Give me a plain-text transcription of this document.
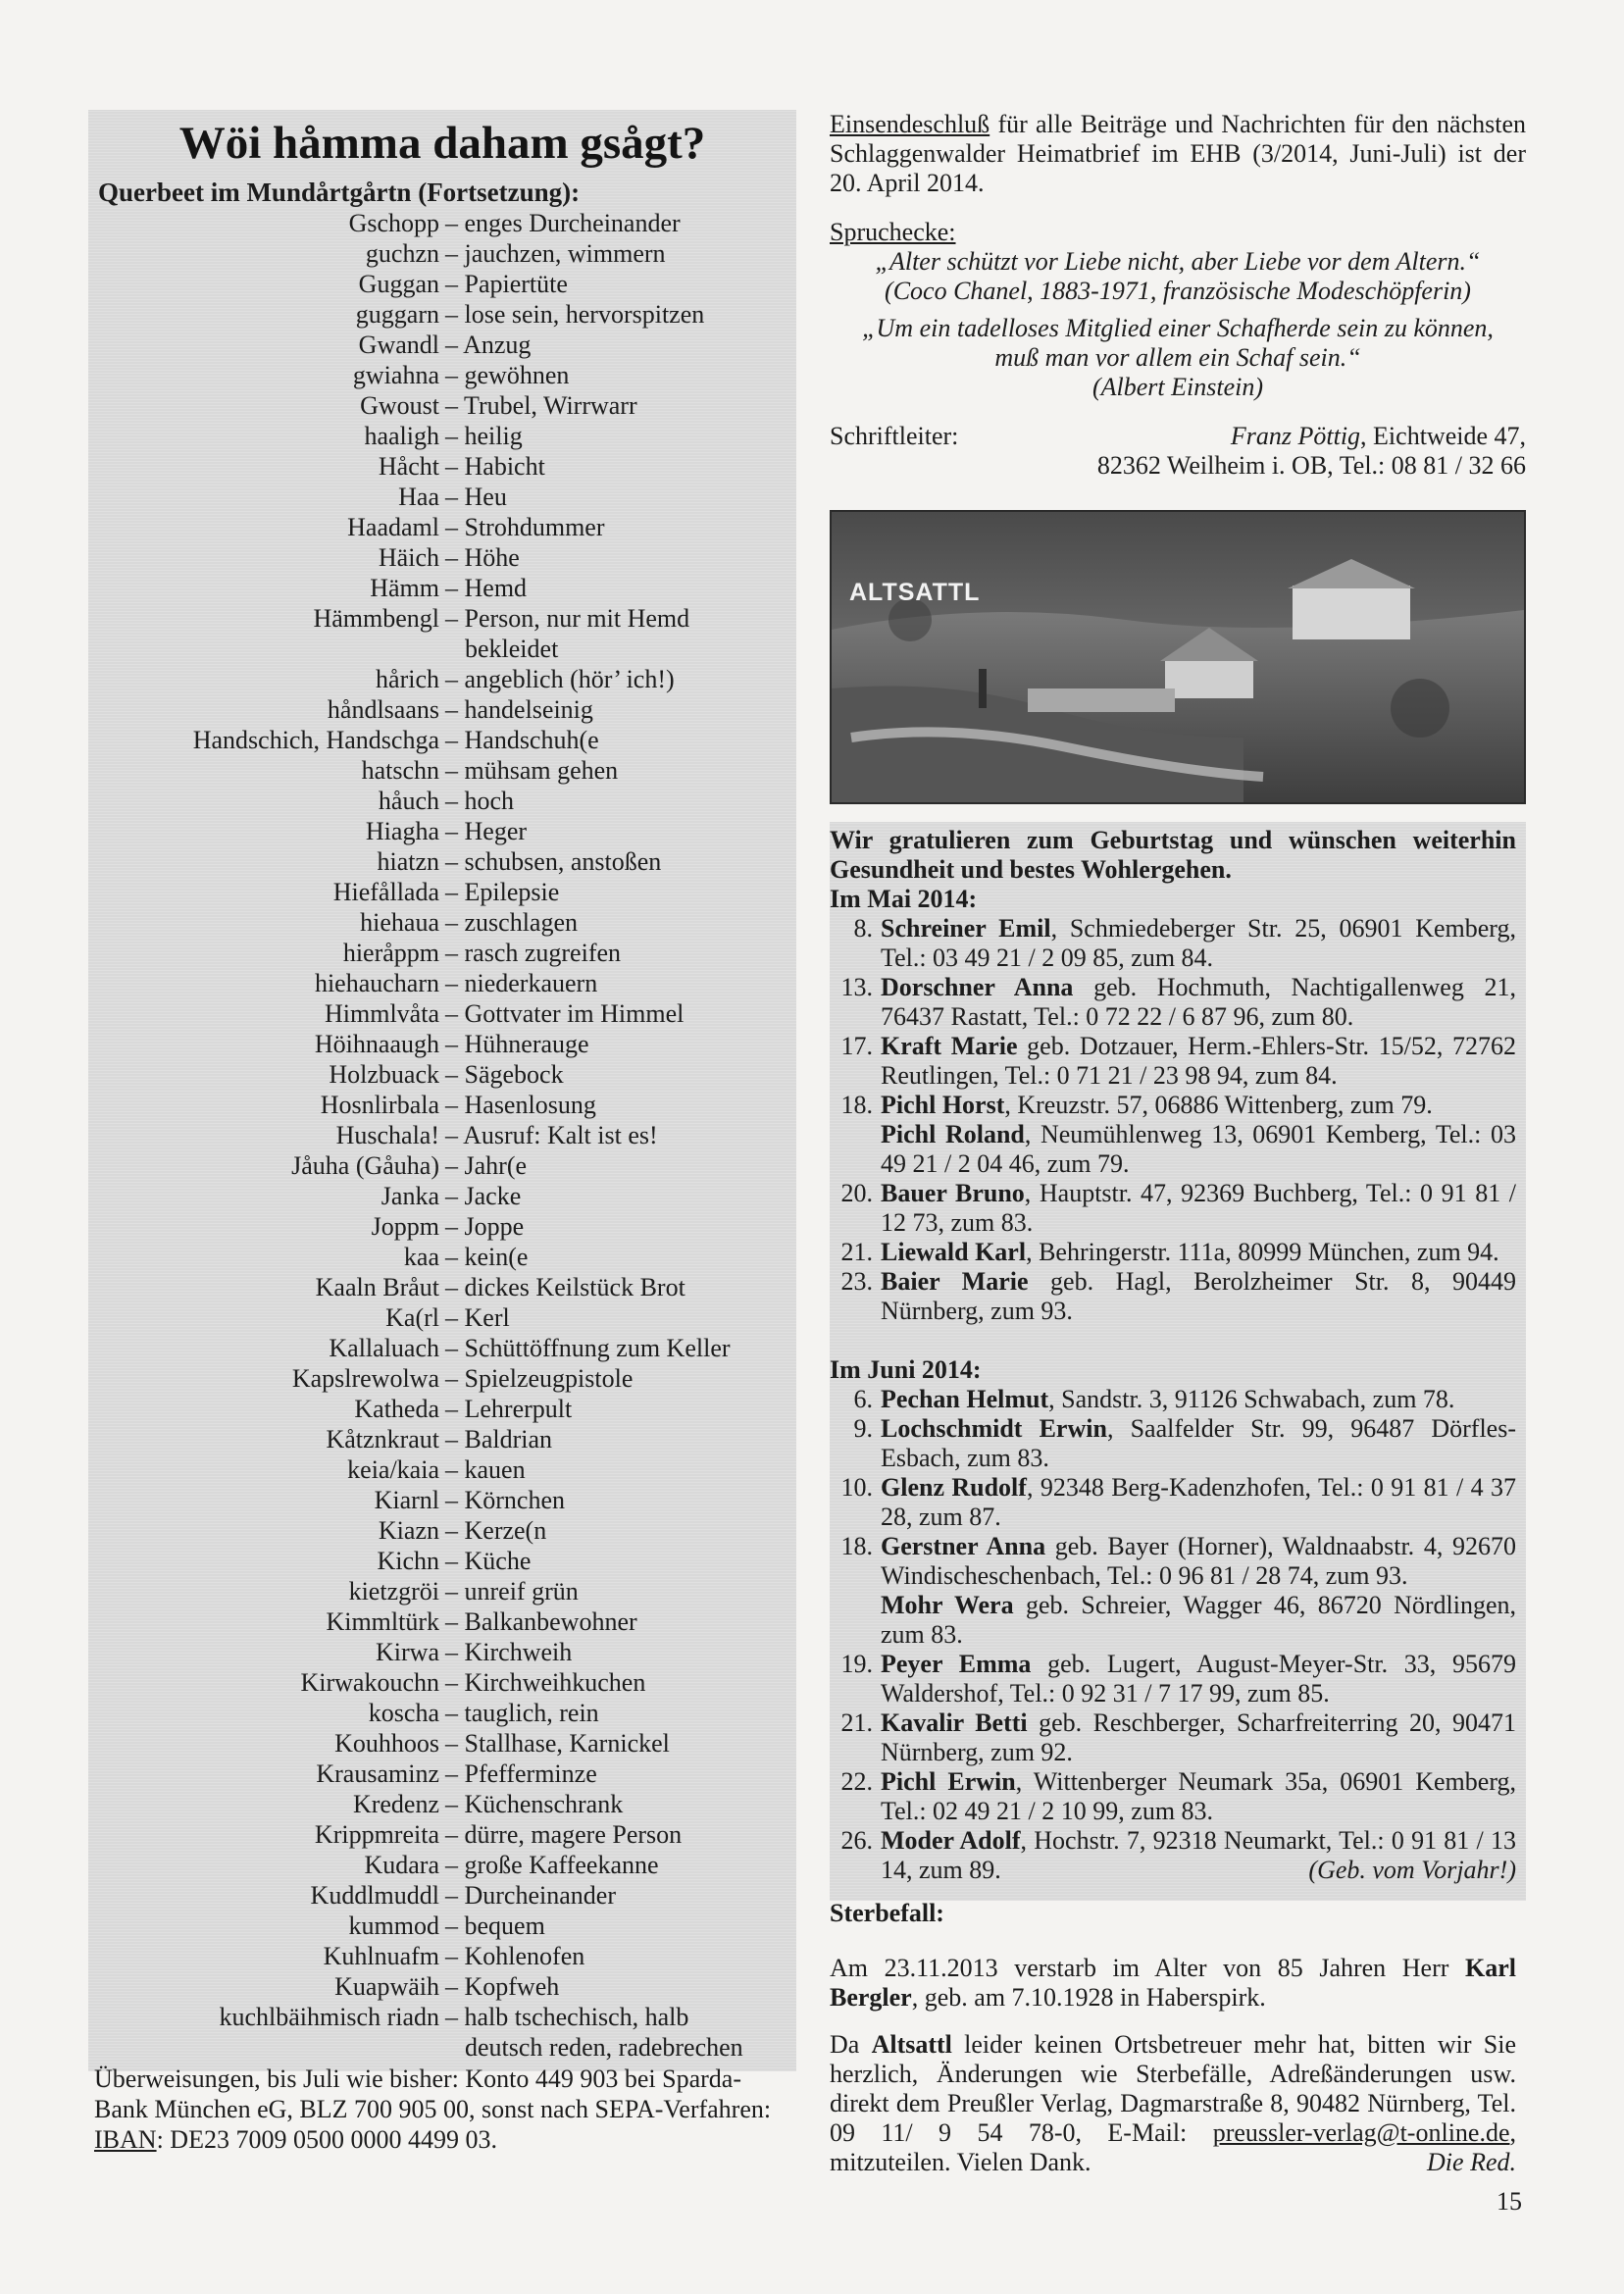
Wöi håmma daham gsågt?
Querbeet im Mundårtgårtn (Fortsetzung):
Gschopp – enges Durcheinander
guchzn – jauchzen, wimmern
Guggan – Papiertüte
guggarn – lose sein, hervorspitzen
Gwandl – Anzug
gwiahna – gewöhnen
Gwoust – Trubel, Wirrwarr
haaligh – heilig
Håcht – Habicht
Haa – Heu
Haadaml – Strohdummer
Häich – Höhe
Hämm – Hemd
Hämmbengl – Person, nur mit Hemd
bekleidet
hårich – angeblich (hör’ ich!)
håndlsaans – handelseinig
Handschich, Handschga – Handschuh(e
hatschn – mühsam gehen
håuch – hoch
Hiagha – Heger
hiatzn – schubsen, anstoßen
Hiefållada – Epilepsie
hiehaua – zuschlagen
hieråppm – rasch zugreifen
hiehaucharn – niederkauern
Himmlvåta – Gottvater im Himmel
Höihnaaugh – Hühnerauge
Holzbuack – Sägebock
Hosnlirbala – Hasenlosung
Huschala! – Ausruf: Kalt ist es!
Jåuha (Gåuha) – Jahr(e
Janka – Jacke
Joppm – Joppe
kaa – kein(e
Kaaln Bråut – dickes Keilstück Brot
Ka(rl – Kerl
Kallaluach – Schüttöffnung zum Keller
Kapslrewolwa – Spielzeugpistole
Katheda – Lehrerpult
Kåtznkraut – Baldrian
keia/kaia – kauen
Kiarnl – Körnchen
Kiazn – Kerze(n
Kichn – Küche
kietzgröi – unreif grün
Kimmltürk – Balkanbewohner
Kirwa – Kirchweih
Kirwakouchn – Kirchweihkuchen
koscha – tauglich, rein
Kouhhoos – Stallhase, Karnickel
Krausaminz – Pfefferminze
Kredenz – Küchenschrank
Krippmreita – dürre, magere Person
Kudara – große Kaffeekanne
Kuddlmuddl – Durcheinander
kummod – bequem
Kuhlnuafm – Kohlenofen
Kuapwäih – Kopfweh
kuchlbäihmisch riadn – halb tschechisch, halb
deutsch reden, radebrechen

Überweisungen, bis Juli wie bisher: Konto 449 903 bei Sparda-

Bank München eG, BLZ 700 905 00, sonst nach SEPA-Verfahren:

IBAN: DE23 7009 0500 0000 4499 03.

Einsendeschluß für alle Beiträge und Nachrichten für den nächsten Schlaggenwalder Heimatbrief im EHB (3/2014, Juni-Juli) ist der 20. April 2014.

Spruchecke:

„Alter schützt vor Liebe nicht, aber Liebe vor dem Altern.“

(Coco Chanel, 1883-1971, französische Modeschöpferin)

„Um ein tadelloses Mitglied einer Schafherde sein zu können,

muß man vor allem ein Schaf sein.“

(Albert Einstein)

Schriftleiter:	Franz Pöttig, Eichtweide 47,
82362 Weilheim i. OB, Tel.: 08 81 / 32 66
ALTSATTL

Wir gratulieren zum Geburtstag und wünschen weiterhin Gesundheit und bestes Wohlergehen.

Im Mai 2014:

8. Schreiner Emil, Schmiedeberger Str. 25, 06901 Kemberg, Tel.: 03 49 21 / 2 09 85, zum 84.
13. Dorschner Anna geb. Hochmuth, Nachtigallenweg 21, 76437 Rastatt, Tel.: 0 72 22 / 6 87 96, zum 80.
17. Kraft Marie geb. Dotzauer, Herm.-Ehlers-Str. 15/52, 72762 Reutlingen, Tel.: 0 71 21 / 23 98 94, zum 84.
18. Pichl Horst, Kreuzstr. 57, 06886 Wittenberg, zum 79.
Pichl Roland, Neumühlenweg 13, 06901 Kemberg, Tel.: 03 49 21 / 2 04 46, zum 79.
20. Bauer Bruno, Hauptstr. 47, 92369 Buchberg, Tel.: 0 91 81 / 12 73, zum 83.
21. Liewald Karl, Behringerstr. 111a, 80999 München, zum 94.
23. Baier Marie geb. Hagl, Berolzheimer Str. 8, 90449 Nürnberg, zum 93.

Im Juni 2014:

6. Pechan Helmut, Sandstr. 3, 91126 Schwabach, zum 78.
9. Lochschmidt Erwin, Saalfelder Str. 99, 96487 Dörfles-Esbach, zum 83.
10. Glenz Rudolf, 92348 Berg-Kadenzhofen, Tel.: 0 91 81 / 4 37 28, zum 87.
18. Gerstner Anna geb. Bayer (Horner), Waldnaabstr. 4, 92670 Windischeschenbach, Tel.: 0 96 81 / 28 74, zum 93.
Mohr Wera geb. Schreier, Wagger 46, 86720 Nördlingen, zum 83.
19. Peyer Emma geb. Lugert, August-Meyer-Str. 33, 95679 Waldershof, Tel.: 0 92 31 / 7 17 99, zum 85.
21. Kavalir Betti geb. Reschberger, Scharfreiterring 20, 90471 Nürnberg, zum 92.
22. Pichl Erwin, Wittenberger Neumark 35a, 06901 Kemberg, Tel.: 02 49 21 / 2 10 99, zum 83.
26. Moder Adolf, Hochstr. 7, 92318 Neumarkt, Tel.: 0 91 81 / 13 14, zum 89.	(Geb. vom Vorjahr!)

Sterbefall:

Am 23.11.2013 verstarb im Alter von 85 Jahren Herr Karl Bergler, geb. am 7.10.1928 in Haberspirk.

Da Altsattl leider keinen Ortsbetreuer mehr hat, bitten wir Sie herzlich, Änderungen wie Sterbefälle, Adreßänderungen usw. direkt dem Preußler Verlag, Dagmarstraße 8, 90482 Nürnberg, Tel. 09 11/ 9 54 78-0, E-Mail: preussler-verlag@t-online.de, mitzuteilen. Vielen Dank.	Die Red.

15
